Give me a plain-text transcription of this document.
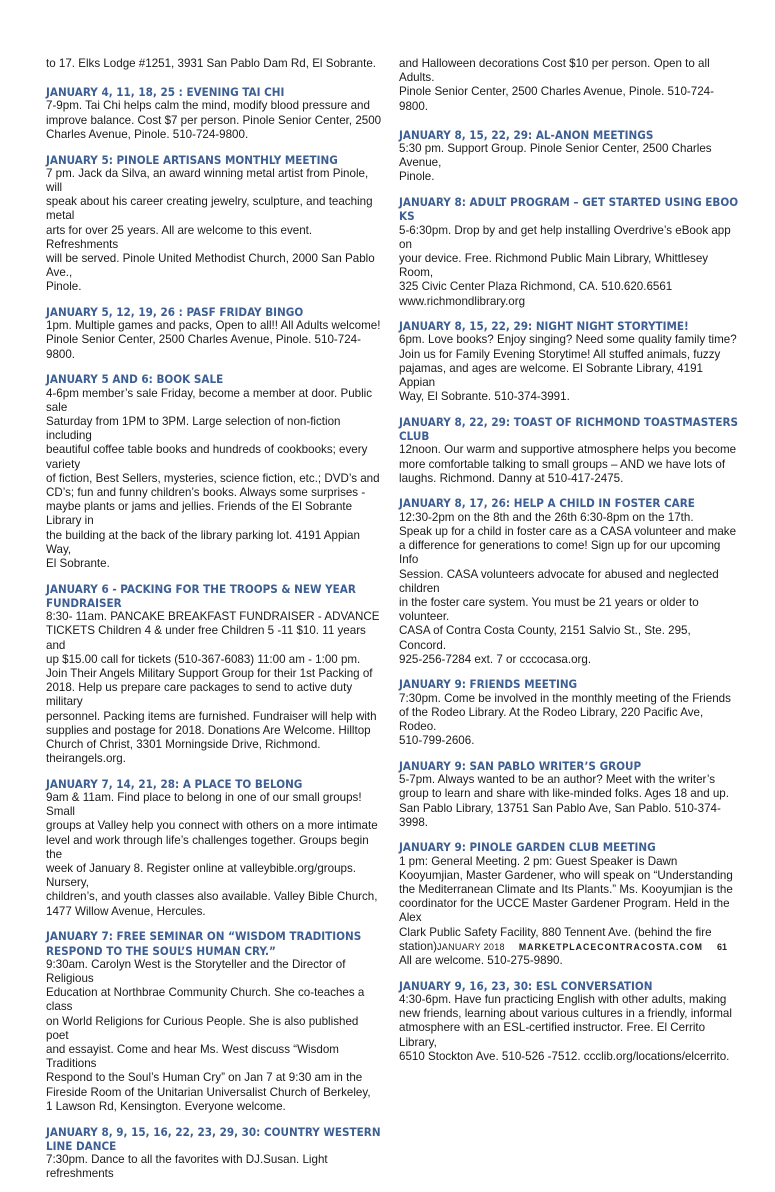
to 17. Elks Lodge #1251, 3931 San Pablo Dam Rd, El Sobrante.
JANUARY 4, 11, 18, 25 : EVENING TAI CHI
7-9pm. Tai Chi helps calm the mind, modify blood pressure and
improve balance. Cost $7 per person. Pinole Senior Center, 2500
Charles Avenue, Pinole. 510-724-9800.
JANUARY 5: PINOLE ARTISANS MONTHLY MEETING
7 pm. Jack da Silva, an award winning metal artist from Pinole, will
speak about his career creating jewelry, sculpture, and teaching metal
arts for over 25 years. All are welcome to this event. Refreshments
will be served. Pinole United Methodist Church, 2000 San Pablo Ave.,
Pinole.
JANUARY 5, 12, 19, 26 : PASF FRIDAY BINGO
1pm. Multiple games and packs, Open to all!! All Adults welcome!
Pinole Senior Center, 2500 Charles Avenue, Pinole. 510-724-9800.
JANUARY 5 AND 6: BOOK SALE
4-6pm member’s sale Friday, become a member at door. Public sale
Saturday from 1PM to 3PM. Large selection of non-fiction including
beautiful coffee table books and hundreds of cookbooks; every variety
of fiction, Best Sellers, mysteries, science fiction, etc.; DVD’s and
CD’s; fun and funny children’s books. Always some surprises -
maybe plants or jams and jellies. Friends of the El Sobrante Library in
the building at the back of the library parking lot. 4191 Appian Way,
El Sobrante.
JANUARY 6 - PACKING FOR THE TROOPS & NEW YEAR
FUNDRAISER
8:30- 11am. PANCAKE BREAKFAST FUNDRAISER - ADVANCE
TICKETS Children 4 & under free Children 5 -11 $10. 11 years and
up $15.00 call for tickets (510-367-6083) 11:00 am - 1:00 pm.
Join Their Angels Military Support Group for their 1st Packing of
2018. Help us prepare care packages to send to active duty military
personnel. Packing items are furnished. Fundraiser will help with
supplies and postage for 2018. Donations Are Welcome. Hilltop
Church of Christ, 3301 Morningside Drive, Richmond. theirangels.org.
JANUARY 7, 14, 21, 28: A PLACE TO BELONG
9am & 11am. Find place to belong in one of our small groups! Small
groups at Valley help you connect with others on a more intimate
level and work through life’s challenges together. Groups begin the
week of January 8. Register online at valleybible.org/groups. Nursery,
children’s, and youth classes also available. Valley Bible Church,
1477 Willow Avenue, Hercules.
JANUARY 7: FREE SEMINAR ON “WISDOM TRADITIONS
RESPOND TO THE SOUL’S HUMAN CRY.”
9:30am. Carolyn West is the Storyteller and the Director of Religious
Education at Northbrae Community Church. She co-teaches a class
on World Religions for Curious People. She is also published poet
and essayist. Come and hear Ms. West discuss “Wisdom Traditions
Respond to the Soul’s Human Cry” on Jan 7 at 9:30 am in the
Fireside Room of the Unitarian Universalist Church of Berkeley,
1 Lawson Rd, Kensington. Everyone welcome.
JANUARY 8, 9, 15, 16, 22, 23, 29, 30: COUNTRY WESTERN
LINE DANCE
7:30pm. Dance to all the favorites with DJ.Susan. Light refreshments
and Halloween decorations Cost $10 per person. Open to all Adults.
Pinole Senior Center, 2500 Charles Avenue, Pinole. 510-724-9800.
JANUARY 8, 15, 22, 29: AL-ANON MEETINGS
5:30 pm. Support Group. Pinole Senior Center, 2500 Charles Avenue,
Pinole.
JANUARY 8: ADULT PROGRAM – GET STARTED USING EBOO
KS
5-6:30pm. Drop by and get help installing Overdrive’s eBook app on
your device. Free. Richmond Public Main Library, Whittlesey Room,
325 Civic Center Plaza Richmond, CA. 510.620.6561
www.richmondlibrary.org
JANUARY 8, 15, 22, 29: NIGHT NIGHT STORYTIME!
6pm. Love books? Enjoy singing? Need some quality family time?
Join us for Family Evening Storytime! All stuffed animals, fuzzy
pajamas, and ages are welcome. El Sobrante Library, 4191 Appian
Way, El Sobrante. 510-374-3991.
JANUARY 8, 22, 29: TOAST OF RICHMOND TOASTMASTERS
CLUB
12noon. Our warm and supportive atmosphere helps you become
more comfortable talking to small groups – AND we have lots of
laughs. Richmond. Danny at 510-417-2475.
JANUARY 8, 17, 26: HELP A CHILD IN FOSTER CARE
12:30-2pm on the 8th and the 26th 6:30-8pm on the 17th.
Speak up for a child in foster care as a CASA volunteer and make
a difference for generations to come! Sign up for our upcoming Info
Session. CASA volunteers advocate for abused and neglected children
in the foster care system. You must be 21 years or older to volunteer.
CASA of Contra Costa County, 2151 Salvio St., Ste. 295, Concord.
925-256-7284 ext. 7 or cccocasa.org.
JANUARY 9: FRIENDS MEETING
7:30pm. Come be involved in the monthly meeting of the Friends
of the Rodeo Library. At the Rodeo Library, 220 Pacific Ave, Rodeo.
510-799-2606.
JANUARY 9: SAN PABLO WRITER’S GROUP
5-7pm. Always wanted to be an author? Meet with the writer’s
group to learn and share with like-minded folks. Ages 18 and up.
San Pablo Library, 13751 San Pablo Ave, San Pablo. 510-374-3998.
JANUARY 9: PINOLE GARDEN CLUB MEETING
1 pm: General Meeting. 2 pm: Guest Speaker is Dawn
Kooyumjian, Master Gardener, who will speak on “Understanding
the Mediterranean Climate and Its Plants.” Ms. Kooyumjian is the
coordinator for the UCCE Master Gardener Program. Held in the Alex
Clark Public Safety Facility, 880 Tennent Ave. (behind the fire station).
All are welcome. 510-275-9890.
JANUARY 9, 16, 23, 30: ESL CONVERSATION
4:30-6pm. Have fun practicing English with other adults, making
new friends, learning about various cultures in a friendly, informal
atmosphere with an ESL-certified instructor. Free. El Cerrito Library,
6510 Stockton Ave. 510-526 -7512. ccclib.org/locations/elcerrito.
JANUARY 2018 MARKETPLACECONTRACOSTA.COM 61
